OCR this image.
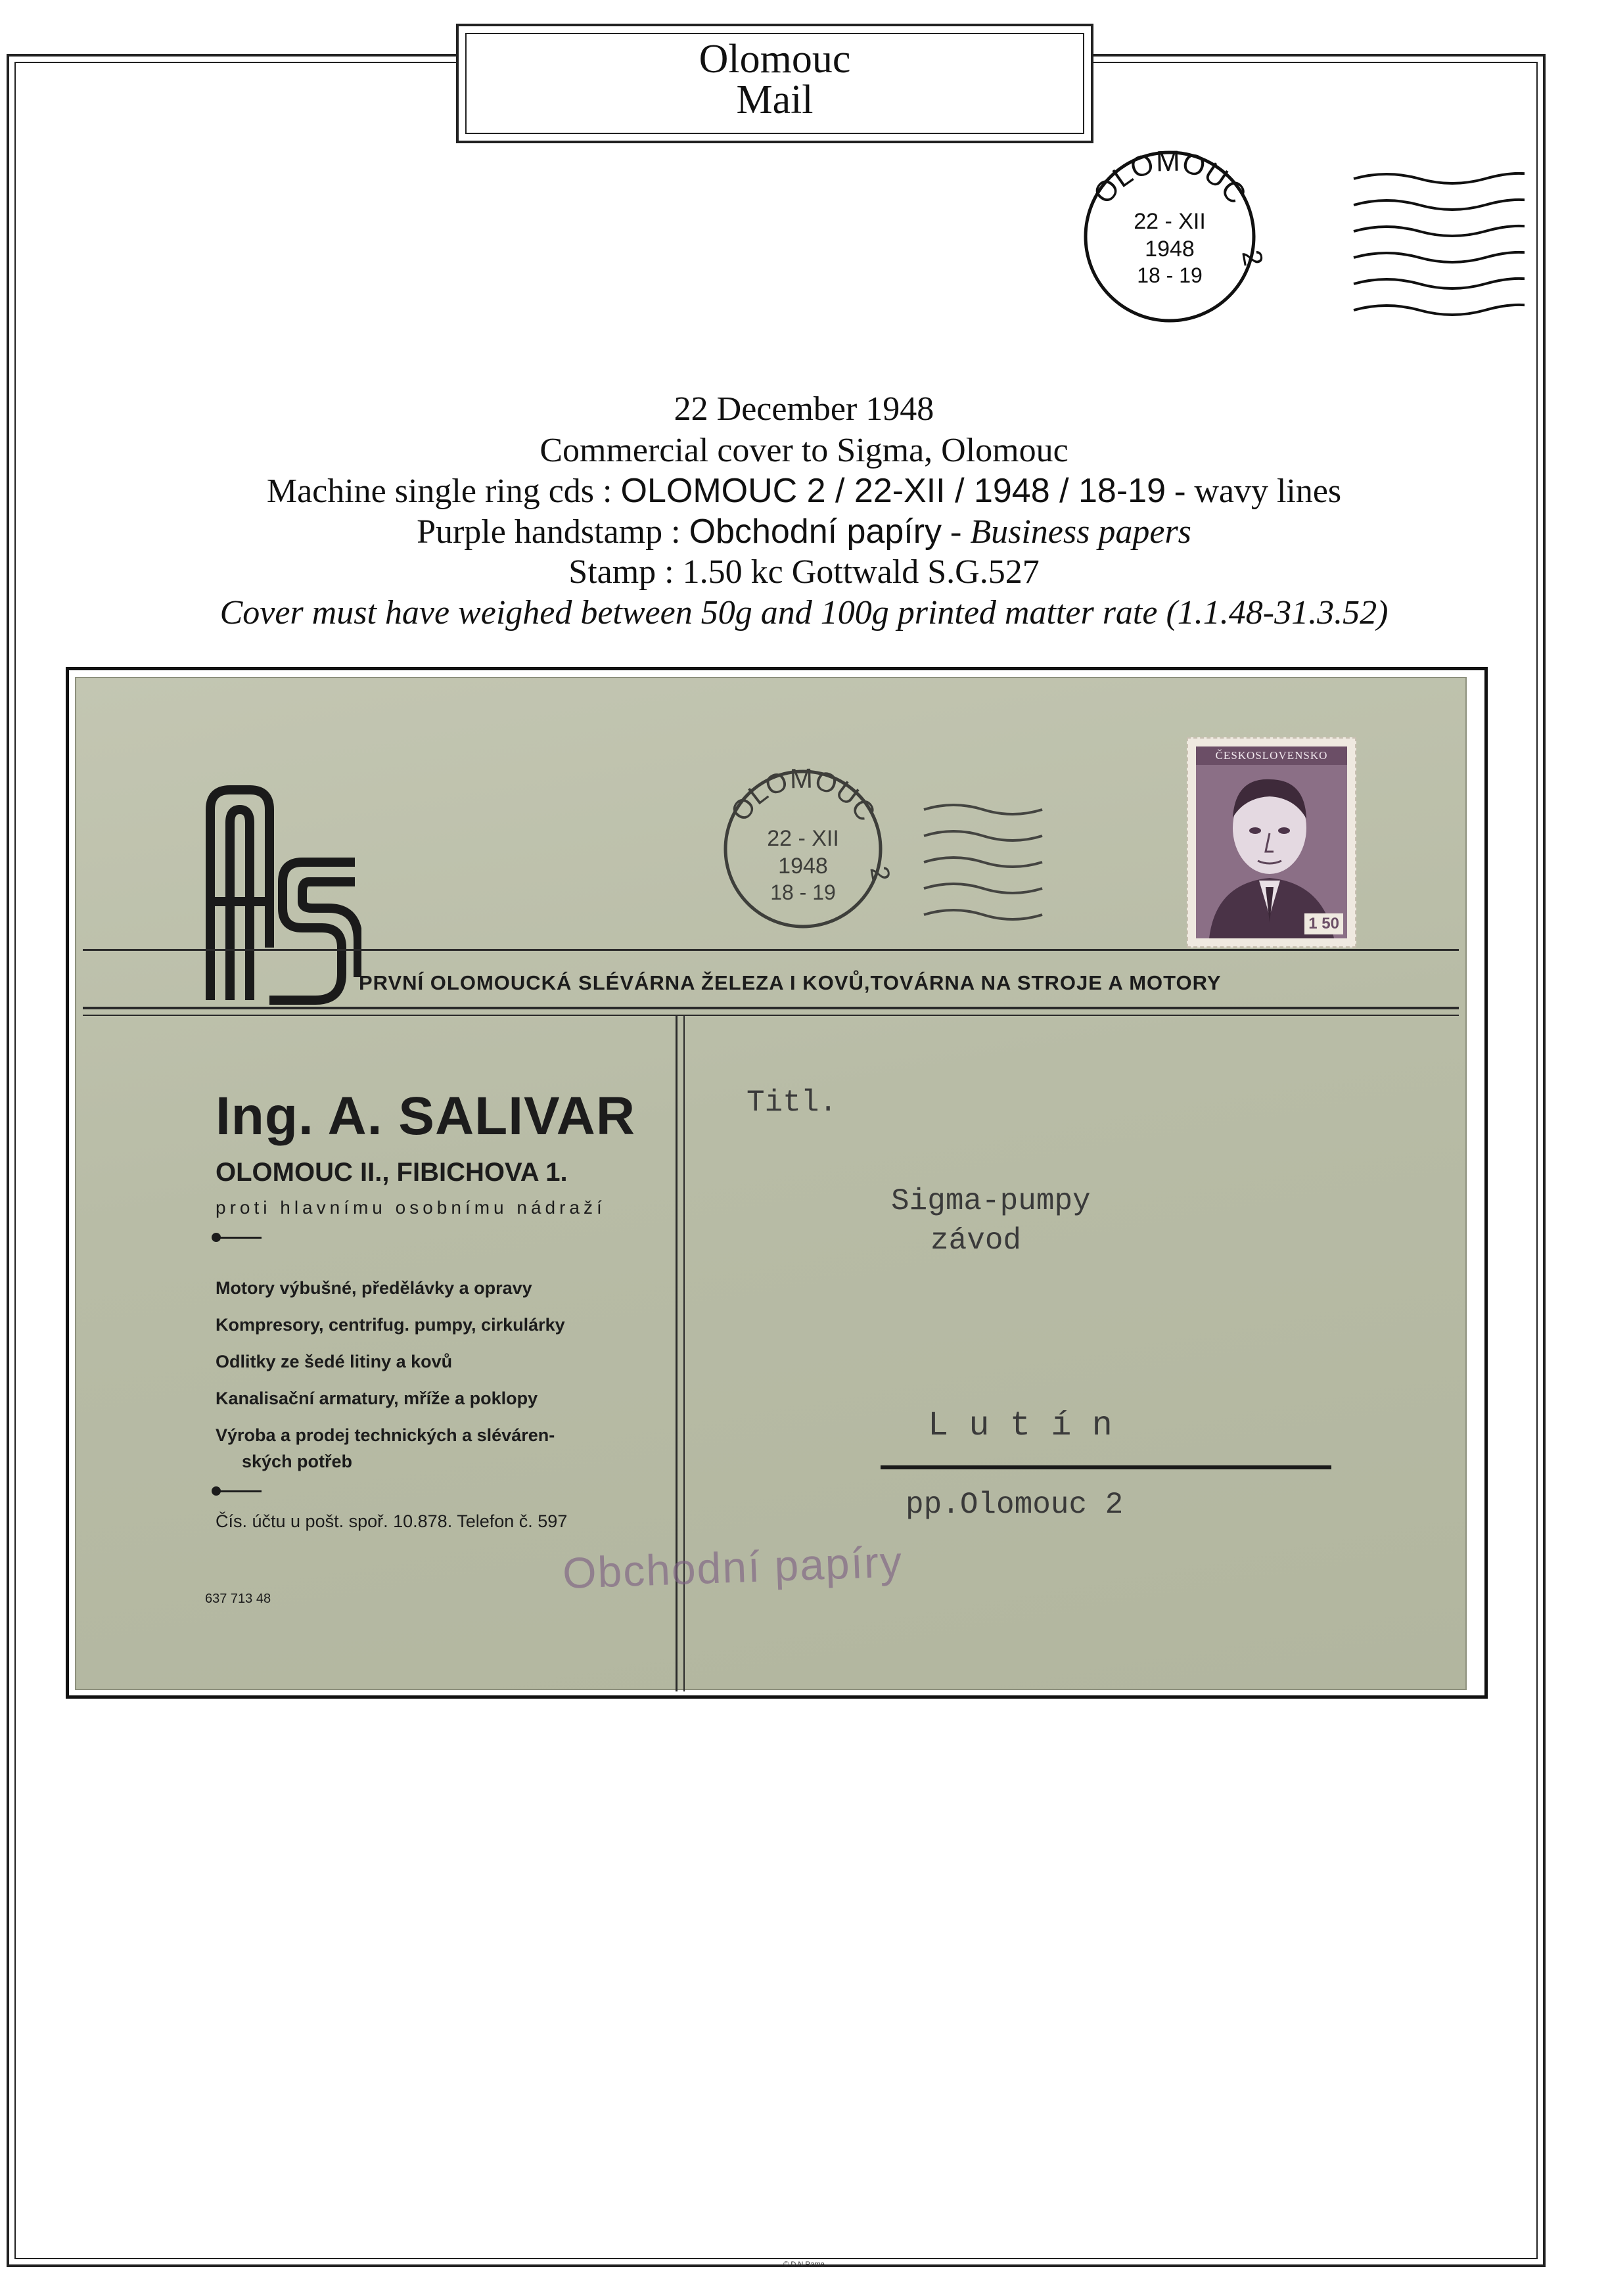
Olomouc
Mail
OLOMOUC
2
22 - XII
1948
18 - 19
22 December 1948
Commercial cover to Sigma, Olomouc
Machine single ring cds : OLOMOUC 2 / 22-XII / 1948 / 18-19 - wavy lines
Purple handstamp : Obchodní papíry - Business papers
Stamp : 1.50 kc Gottwald S.G.527
Cover must have weighed between 50g and 100g printed matter rate (1.1.48-31.3.52)
AS
PRVNÍ OLOMOUCKÁ SLÉVÁRNA ŽELEZA I KOVŮ,TOVÁRNA NA STROJE A MOTORY
OLOMOUC
2
22 - XII
1948
18 - 19
ČESKOSLOVENSKO
1 50
Ing. A. SALIVAR
OLOMOUC II., FIBICHOVA 1.
proti hlavnímu osobnímu nádraží
Motory výbušné, předělávky a opravy
Kompresory, centrifug. pumpy, cirkulárky
Odlitky ze šedé litiny a kovů
Kanalisační armatury, mříže a poklopy
Výroba a prodej technických a sléváren-
ských potřeb
Čís. účtu u pošt. spoř. 10.878. Telefon č. 597
637 713 48
Obchodní papíry
Titl.
Sigma-pumpy
závod
L u t í n
pp.Olomouc 2
© D.N.Rame
